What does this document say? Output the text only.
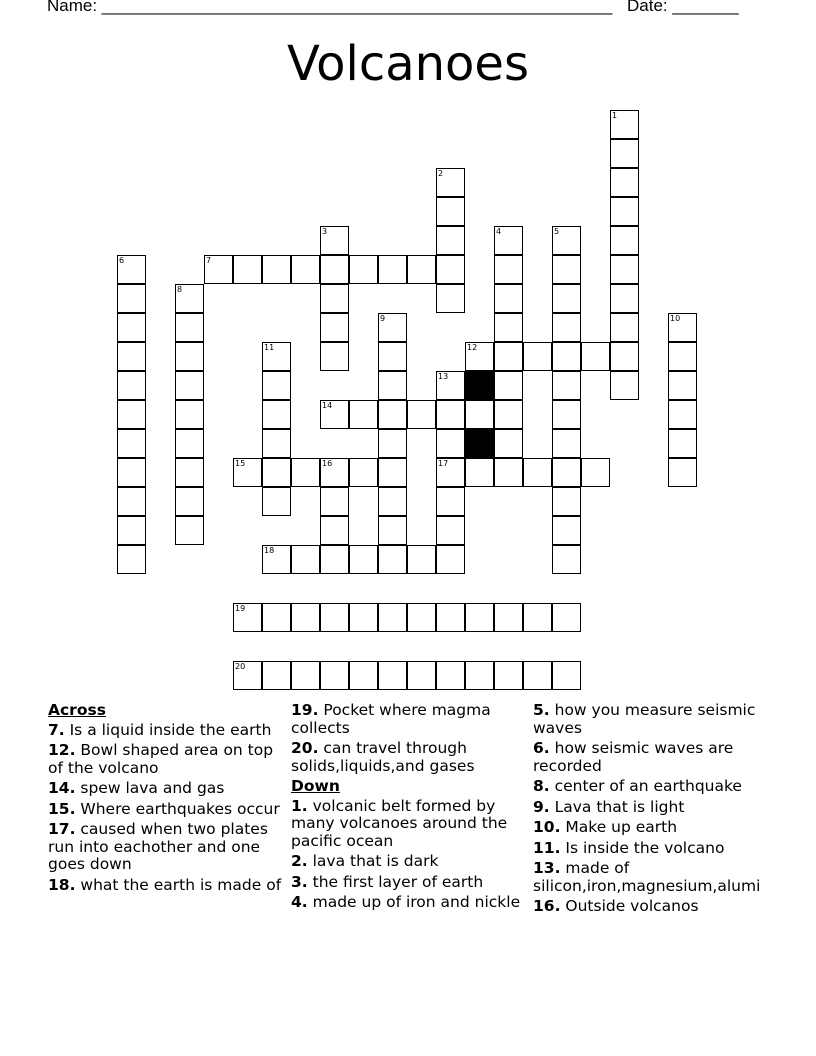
Name: ______________________________________________________ Date: _______
Volcanoes
1
2
3	4	5
6	7
8
9	10
11	12
13
17
14
15	16
18
19
20
Across
7. Is a liquid inside the earth
12. Bowl shaped area on top of the volcano
14. spew lava and gas
15. Where earthquakes occur
17. caused when two plates run into eachother and one goes down
18. what the earth is made of
19. Pocket where magma collects
20. can travel through solids,liquids,and gases
Down
1. volcanic belt formed by many volcanoes around the pacific ocean
2. lava that is dark
3. the first layer of earth
4. made up of iron and nickle
5. how you measure seismic waves
6. how seismic waves are recorded
8. center of an earthquake
9. Lava that is light
10. Make up earth
11. Is inside the volcano
13. made of silicon,iron,magnesium,alumi
16. Outside volcanos
